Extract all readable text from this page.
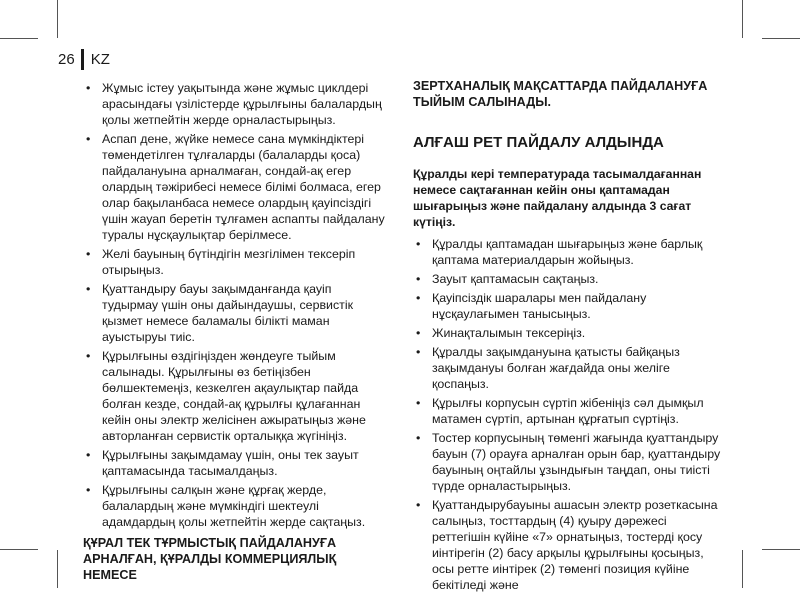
26 KZ
• Жұмыс істеу уақытында және жұмыс циклдері арасындағы үзілістерде құрылғыны балалардың қолы жетпейтін жерде орналастырыңыз.
• Аспап дене, жүйке немесе сана мүмкіндіктері төмендетілген тұлғаларды (балаларды қоса) пайдалануына арналмаған, сондай-ақ егер олардың тәжірибесі немесе білімі болмаса, егер олар бақыланбаса немесе олардың қауіпсіздігі үшін жауап беретін тұлғамен аспапты пайдалану туралы нұсқаулықтар берілмесе.
• Желі бауының бүтіндігін мезгілімен тексеріп отырыңыз.
• Қуаттандыру бауы зақымданғанда қауіп тудырмау үшін оны дайындаушы, сервистік қызмет немесе баламалы білікті маман ауыстыруы тиіс.
• Құрылғыны өздігіңізден жөндеуге тыйым салынады. Құрылғыны өз бетіңізбен бөлшектемеңіз, кезкелген ақаулықтар пайда болған кезде, сондай-ақ құрылғы құлағаннан кейін оны электр желісінен ажыратыңыз және авторланған сервистік орталыққа жүгініңіз.
• Құрылғыны зақымдамау үшін, оны тек зауыт қаптамасында тасымалдаңыз.
• Құрылғыны салқын және құрғақ жерде, балалардың және мүмкіндігі шектеулі адамдардың қолы жетпейтін жерде сақтаңыз.

ҚҰРАЛ ТЕК ТҰРМЫСТЫҚ ПАЙДАЛАНУҒА АРНАЛҒАН, ҚҰРАЛДЫ КОММЕРЦИЯЛЫҚ НЕМЕСЕ

ЗЕРТХАНАЛЫҚ МАҚСАТТАРДА ПАЙДАЛАНУҒА ТЫЙЫМ САЛЫНАДЫ.

АЛҒАШ РЕТ ПАЙДАЛУ АЛДЫНДА

Құралды кері температурада тасымалдағаннан немесе сақтағаннан кейін оны қаптамадан шығарыңыз және пайдалану алдында 3 сағат күтіңіз.

• Құралды қаптамадан шығарыңыз және барлық қаптама материалдарын жойыңыз.
• Зауыт қаптамасын сақтаңыз.
• Қауіпсіздік шаралары мен пайдалану нұсқаулағымен танысыңыз.
• Жинақталымын тексеріңіз.
• Құралды зақымдануына қатысты байқаңыз зақымдануы болған жағдайда оны желіге қоспаңыз.
• Құрылғы корпусын сүртіп жібеніңіз сәл дымқыл матамен сүртіп, артынан құрғатып сүртіңіз.
• Тостер корпусының төменгі жағында қуаттандыру бауын (7) орауға арналған орын бар, қуаттандыру бауының оңтайлы ұзындығын таңдап, оны тиісті түрде орналастырыңыз.
• Қуаттандырубауыны ашасын электр розеткасына салыңыз, тосттардың (4) қуыру дәрежесі реттегішін күйіне «7» орнатыңыз, тостерді қосу иінтірегін (2) басу арқылы құрылғыны қосыңыз, осы ретте иінтірек (2) төменгі позиция күйіне бекітіледі және
